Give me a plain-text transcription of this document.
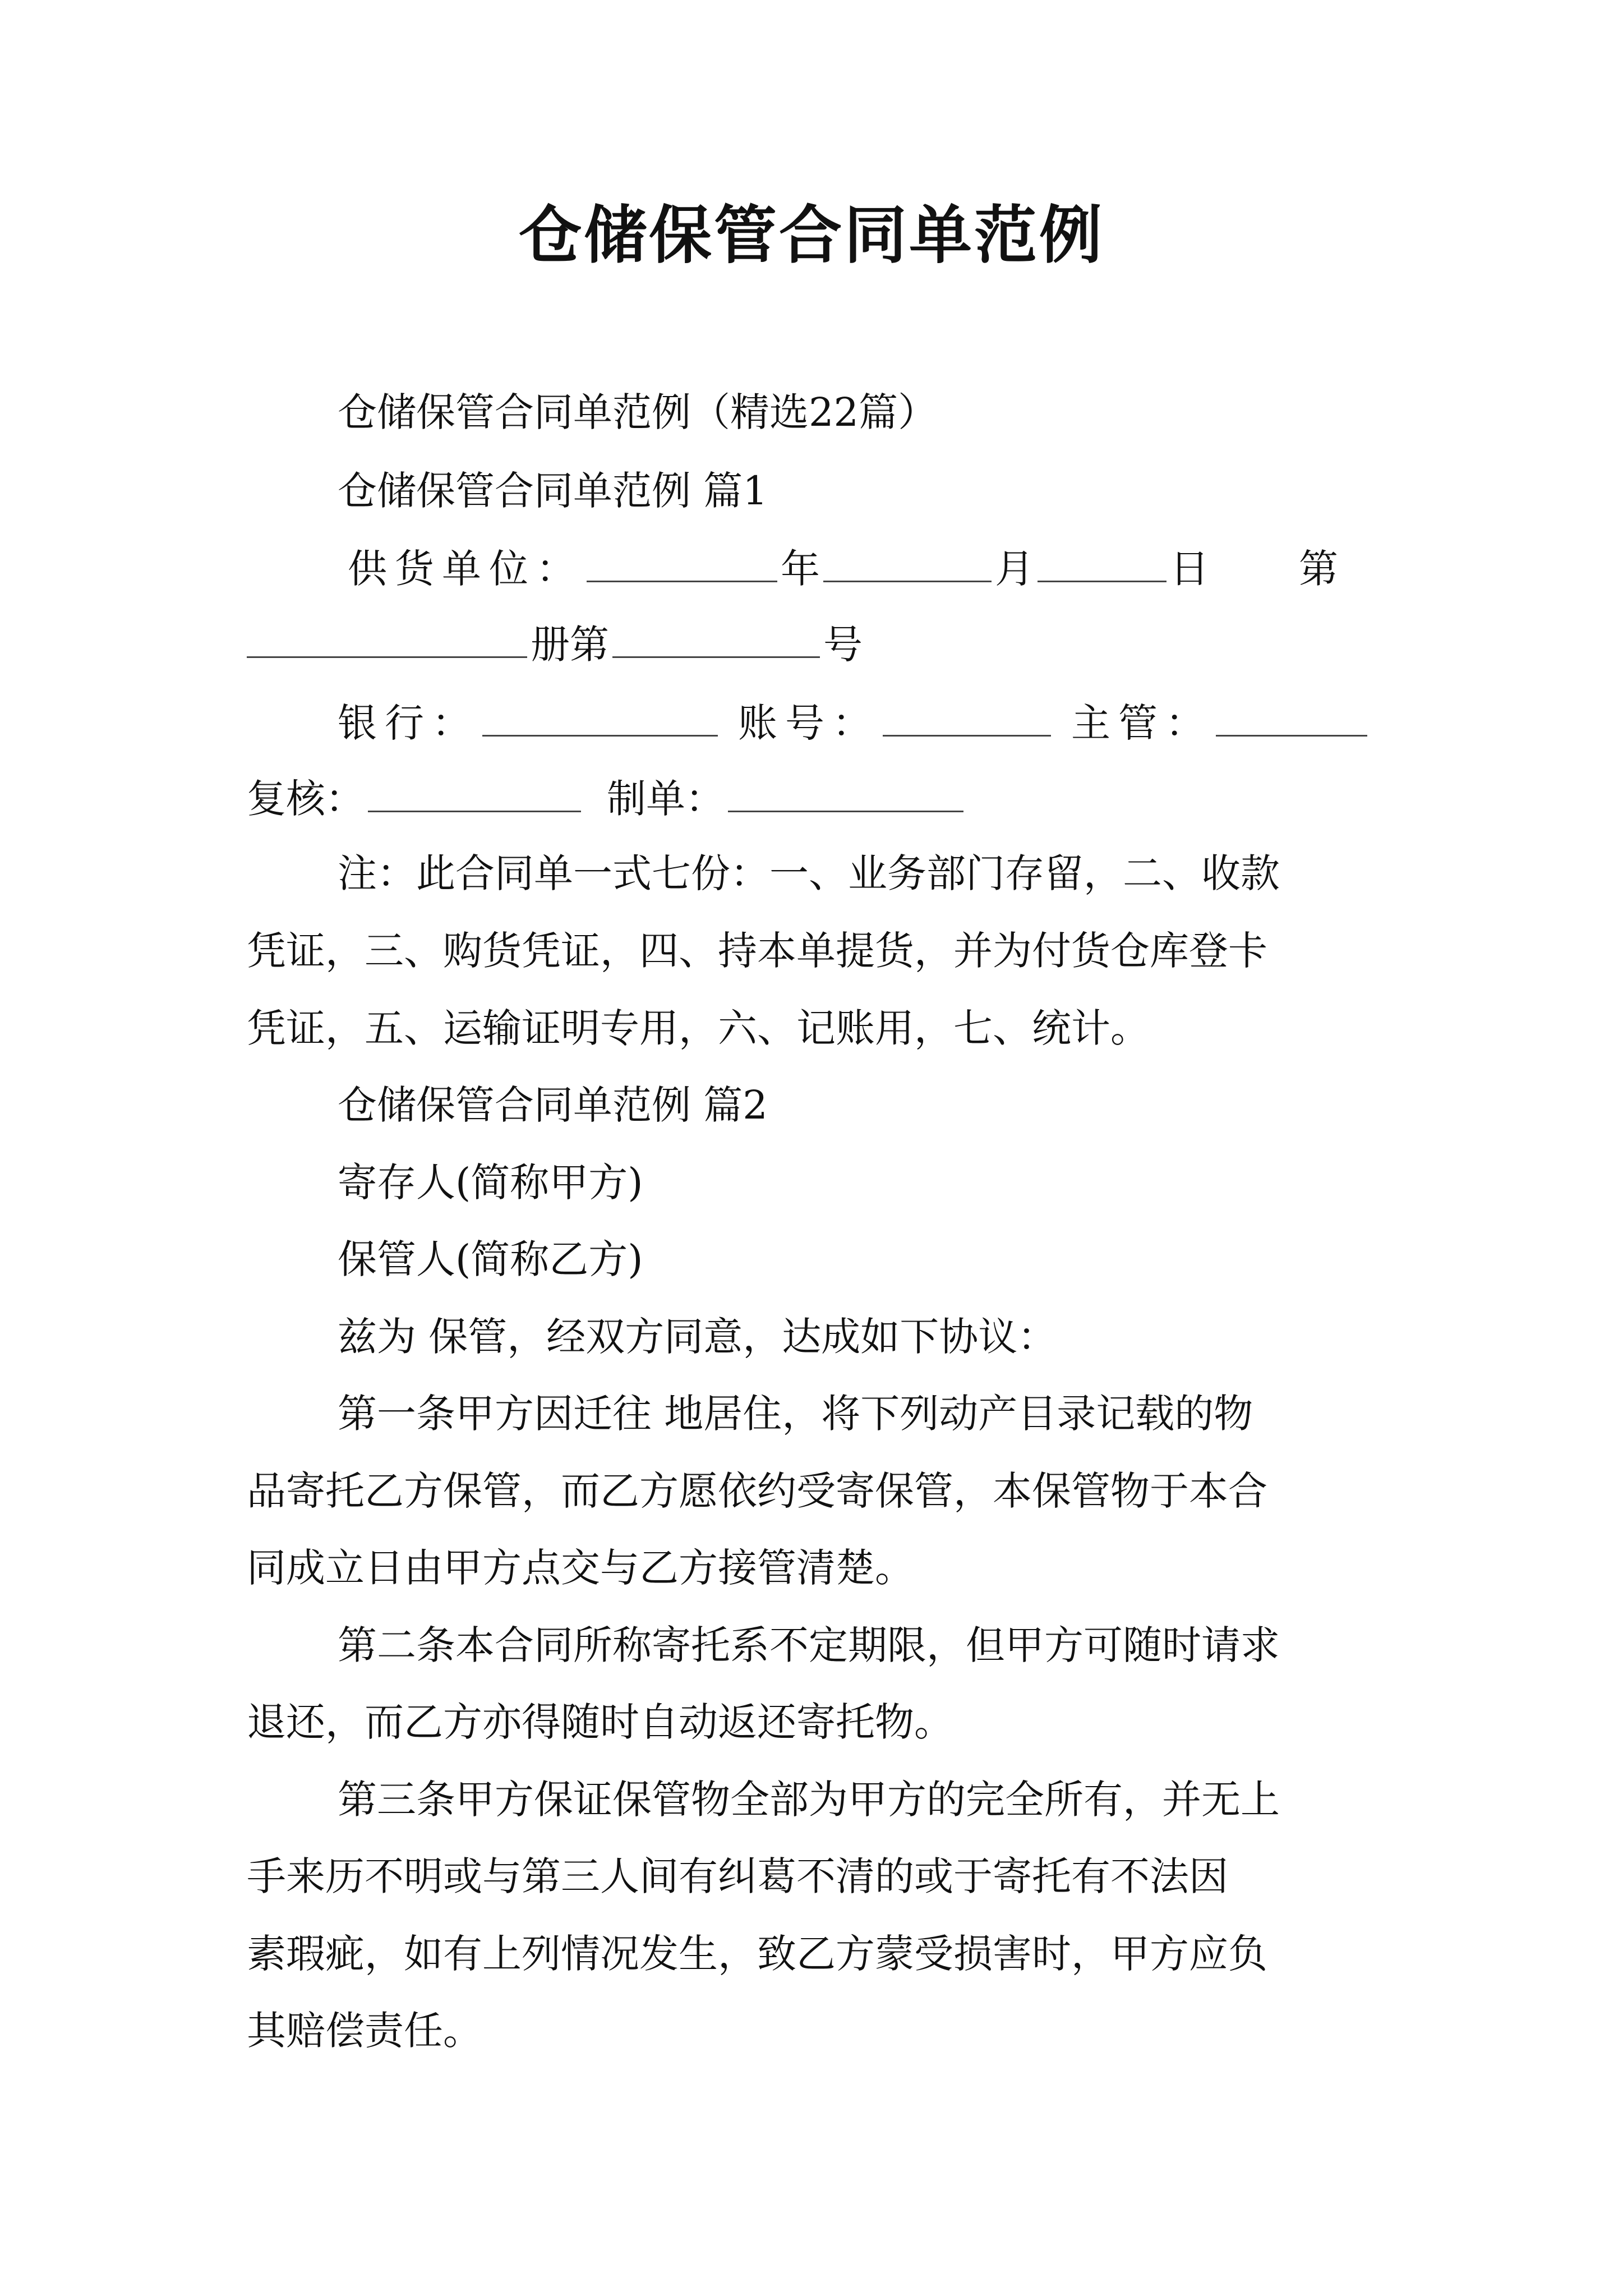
仓储保管合同单范例
仓储保管合同单范例（精选22篇）
仓储保管合同单范例 篇1
供货单位：	年	月	日 第
册第	号
银行：	账号：	主管：
复核：	制单：
注：此合同单一式七份：一、业务部门存留，二、收款
凭证，三、购货凭证，四、持本单提货，并为付货仓库登卡
凭证，五、运输证明专用，六、记账用，七、统计。
仓储保管合同单范例 篇2
寄存人(简称甲方)
保管人(简称乙方)
兹为 保管，经双方同意，达成如下协议：
第一条甲方因迁往 地居住，将下列动产目录记载的物
品寄托乙方保管，而乙方愿依约受寄保管，本保管物于本合
同成立日由甲方点交与乙方接管清楚。
第二条本合同所称寄托系不定期限，但甲方可随时请求
退还，而乙方亦得随时自动返还寄托物。
第三条甲方保证保管物全部为甲方的完全所有，并无上
手来历不明或与第三人间有纠葛不清的或于寄托有不法因
素瑕疵，如有上列情况发生，致乙方蒙受损害时，甲方应负
其赔偿责任。
